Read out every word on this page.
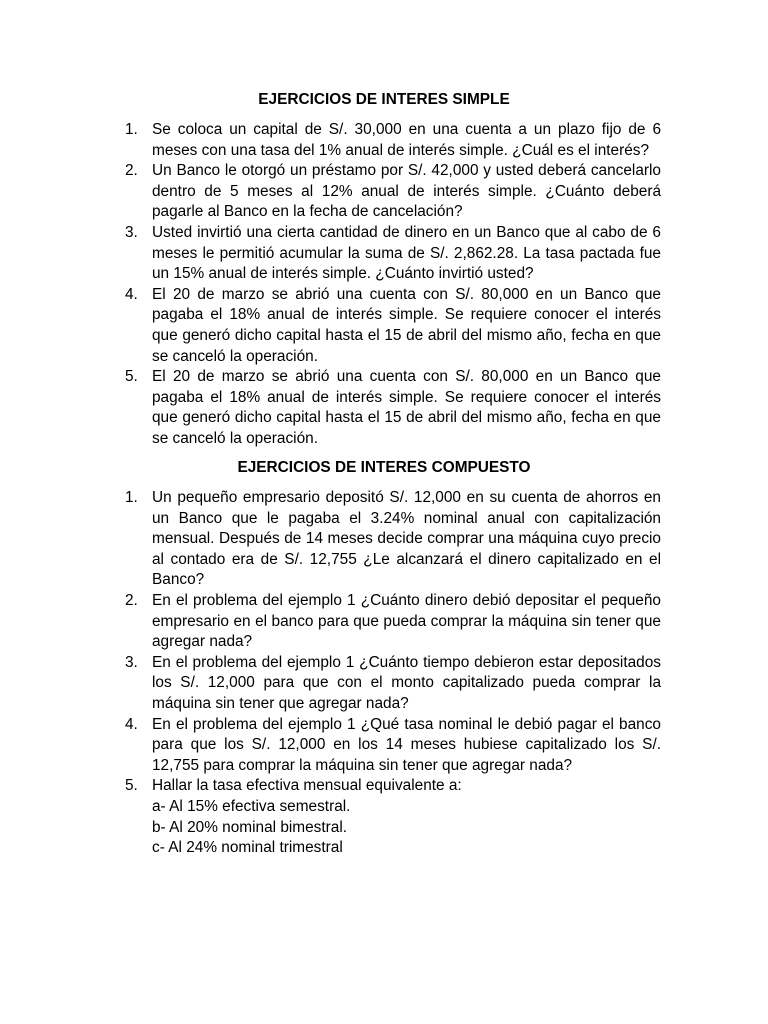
EJERCICIOS DE INTERES SIMPLE
1. Se coloca un capital de S/. 30,000 en una cuenta a un plazo fijo de 6 meses con una tasa del 1% anual de interés simple. ¿Cuál es el interés?
2. Un Banco le otorgó un préstamo por S/. 42,000 y usted deberá cancelarlo dentro de 5 meses al 12% anual de interés simple. ¿Cuánto deberá pagarle al Banco en la fecha de cancelación?
3. Usted invirtió una cierta cantidad de dinero en un Banco que al cabo de 6 meses le permitió acumular la suma de S/. 2,862.28. La tasa pactada fue un 15% anual de interés simple. ¿Cuánto invirtió usted?
4. El 20 de marzo se abrió una cuenta con S/. 80,000 en un Banco que pagaba el 18% anual de interés simple. Se requiere conocer el interés que generó dicho capital hasta el 15 de abril del mismo año, fecha en que se canceló la operación.
5. El 20 de marzo se abrió una cuenta con S/. 80,000 en un Banco que pagaba el 18% anual de interés simple. Se requiere conocer el interés que generó dicho capital hasta el 15 de abril del mismo año, fecha en que se canceló la operación.
EJERCICIOS DE INTERES COMPUESTO
1. Un pequeño empresario depositó S/. 12,000 en su cuenta de ahorros en un Banco que le pagaba el 3.24% nominal anual con capitalización mensual. Después de 14 meses decide comprar una máquina cuyo precio al contado era de S/. 12,755 ¿Le alcanzará el dinero capitalizado en el Banco?
2. En el problema del ejemplo 1 ¿Cuánto dinero debió depositar el pequeño empresario en el banco para que pueda comprar la máquina sin tener que agregar nada?
3. En el problema del ejemplo 1 ¿Cuánto tiempo debieron estar depositados los S/. 12,000 para que con el monto capitalizado pueda comprar la máquina sin tener que agregar nada?
4. En el problema del ejemplo 1 ¿Qué tasa nominal le debió pagar el banco para que los S/. 12,000 en los 14 meses hubiese capitalizado los S/. 12,755 para comprar la máquina sin tener que agregar nada?
5. Hallar la tasa efectiva mensual equivalente a:
a- Al 15% efectiva semestral.
b- Al 20% nominal bimestral.
c- Al 24% nominal trimestral
